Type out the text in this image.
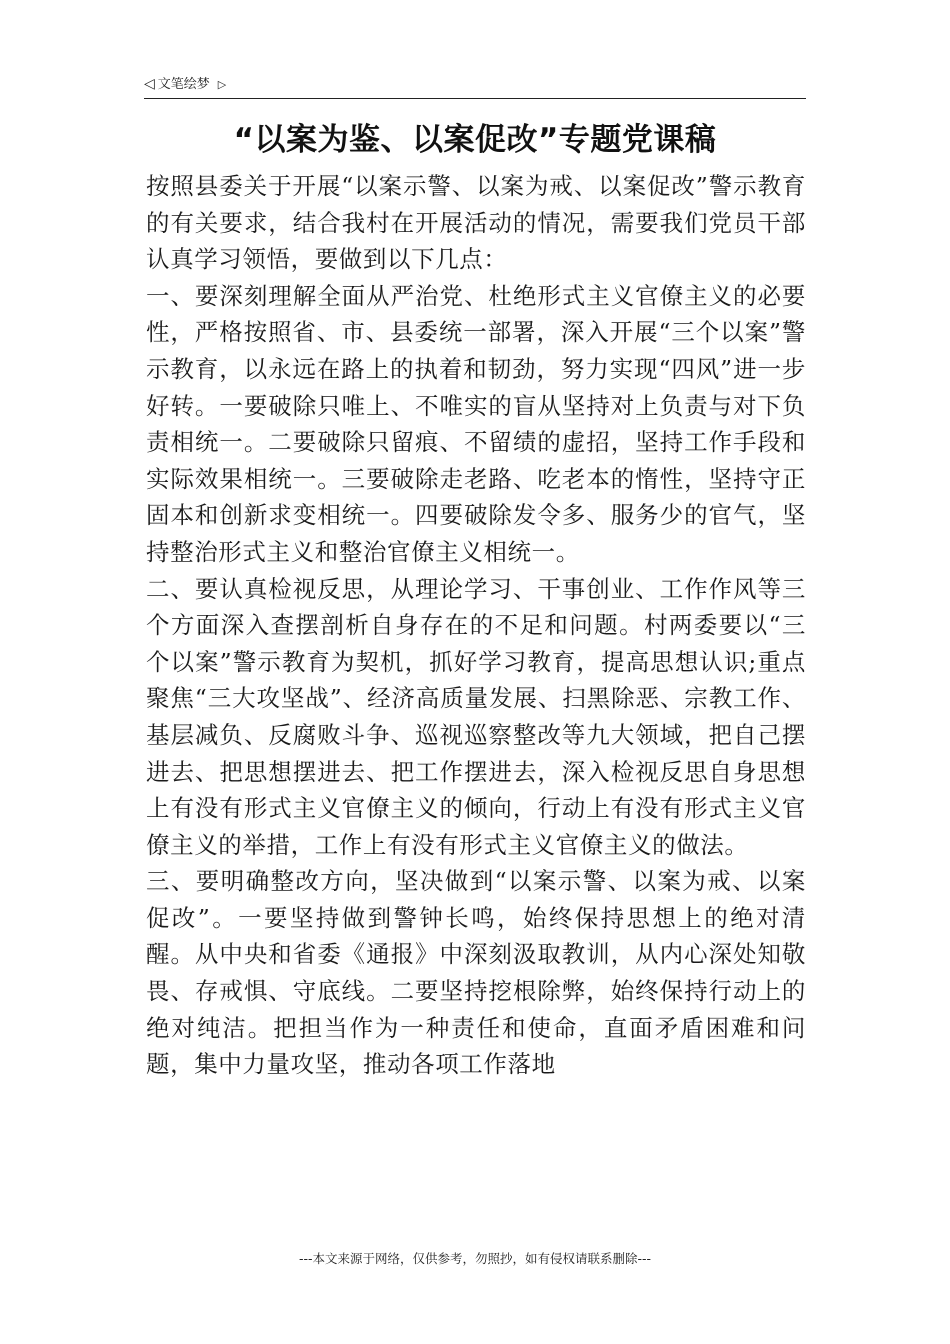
◁ 文笔绘梦 ▷
“以案为鉴、以案促改”专题党课稿

按照县委关于开展“以案示警、以案为戒、以案促改”警示教育的有关要求，结合我村在开展活动的情况，需要我们党员干部认真学习领悟，要做到以下几点：

一、要深刻理解全面从严治党、杜绝形式主义官僚主义的必要性，严格按照省、市、县委统一部署，深入开展“三个以案”警示教育，以永远在路上的执着和韧劲，努力实现“四风”进一步好转。一要破除只唯上、不唯实的盲从坚持对上负责与对下负责相统一。二要破除只留痕、不留绩的虚招，坚持工作手段和实际效果相统一。三要破除走老路、吃老本的惰性，坚持守正固本和创新求变相统一。四要破除发令多、服务少的官气，坚持整治形式主义和整治官僚主义相统一。

二、要认真检视反思，从理论学习、干事创业、工作作风等三个方面深入查摆剖析自身存在的不足和问题。村两委要以“三个以案”警示教育为契机，抓好学习教育，提高思想认识;重点聚焦“三大攻坚战”、经济高质量发展、扫黑除恶、宗教工作、基层减负、反腐败斗争、巡视巡察整改等九大领域，把自己摆进去、把思想摆进去、把工作摆进去，深入检视反思自身思想上有没有形式主义官僚主义的倾向，行动上有没有形式主义官僚主义的举措，工作上有没有形式主义官僚主义的做法。

三、要明确整改方向，坚决做到“以案示警、以案为戒、以案促改”。一要坚持做到警钟长鸣，始终保持思想上的绝对清醒。从中央和省委《通报》中深刻汲取教训，从内心深处知敬畏、存戒惧、守底线。二要坚持挖根除弊，始终保持行动上的绝对纯洁。把担当作为一种责任和使命，直面矛盾困难和问题，集中力量攻坚，推动各项工作落地

---本文来源于网络，仅供参考，勿照抄，如有侵权请联系删除---
